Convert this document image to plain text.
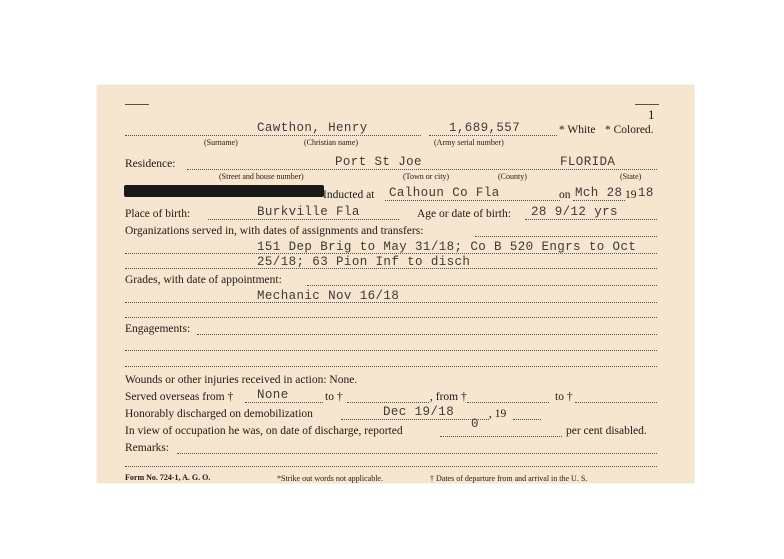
1
Cawthon, Henry	1,689,557	* White * Colored.
(Surname)	(Christian name)	(Army serial number)
Residence:	Port St Joe	FLORIDA
(Street and house number)	(Town or city)	(County)	(State)
Inducted at Calhoun Co Fla	on Mch 28 19 18
Place of birth:	Burkville Fla	Age or date of birth: 28 9/12 yrs
Organizations served in, with dates of assignments and transfers:
151 Dep Brig to May 31/18; Co B 520 Engrs to Oct
25/18; 63 Pion Inf to disch
Grades, with date of appointment:
Mechanic Nov 16/18
Engagements:
Wounds or other injuries received in action: None.
Served overseas from † None	to †	, from †	to †
Honorably discharged on demobilization	Dec 19/18	, 19
In view of occupation he was, on date of discharge, reported	0	per cent disabled.
Remarks:
Form No. 724-1, A. G. O.	*Strike out words not applicable.	† Dates of departure from and arrival in the U. S.
